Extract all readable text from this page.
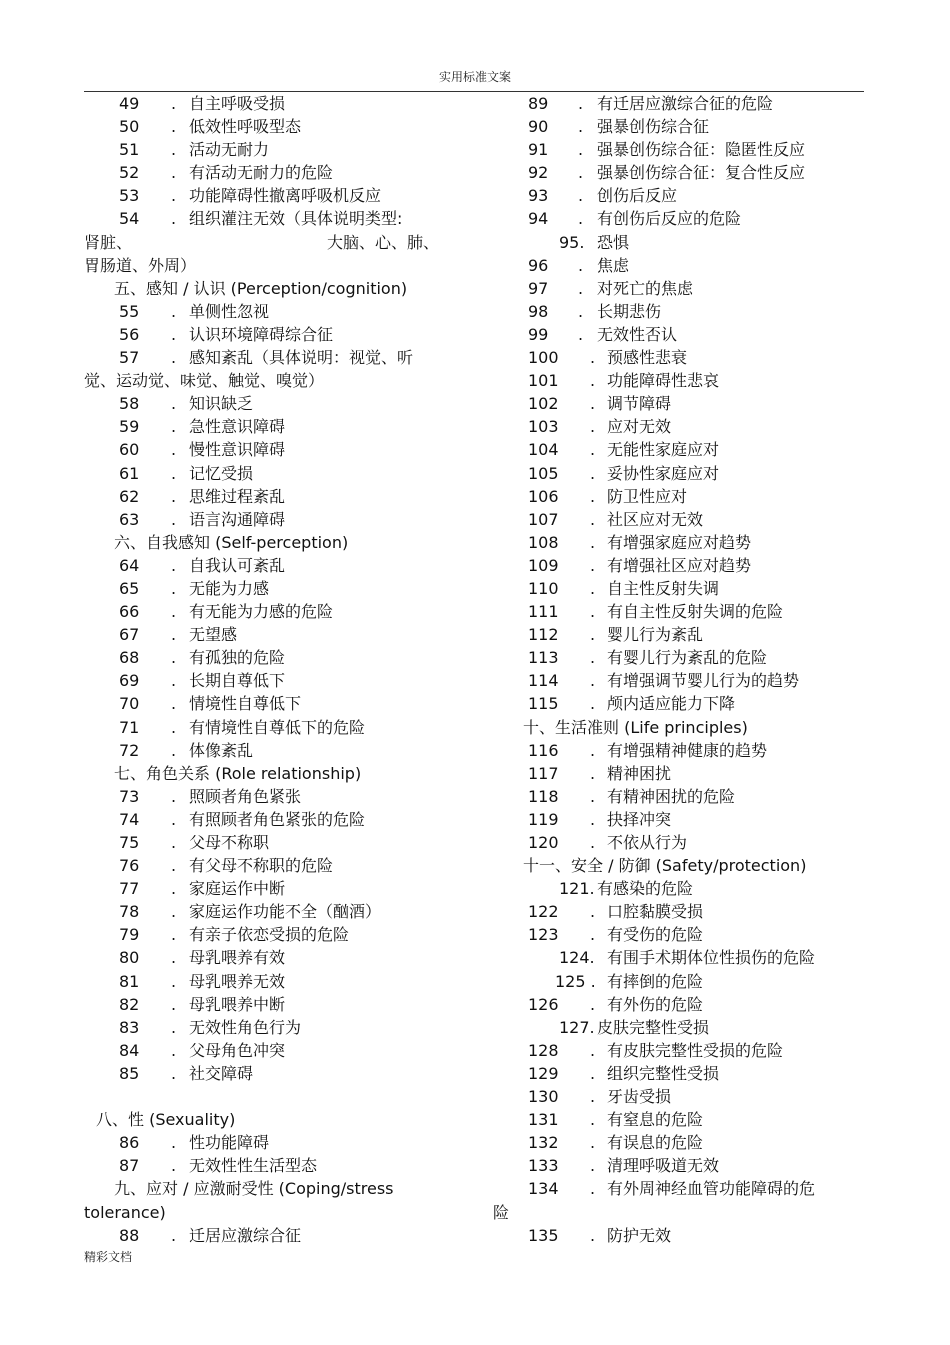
实用标准文案
49 . 自主呼吸受损
50 . 低效性呼吸型态
51 . 活动无耐力
52 . 有活动无耐力的危险
53 . 功能障碍性撤离呼吸机反应
54 . 组织灌注无效（具体说明类型:
肾脏、	大脑、心、肺、
胃肠道、外周）
五、感知 / 认识 (Perception/cognition)
55 . 单侧性忽视
56 . 认识环境障碍综合征
57 . 感知紊乱（具体说明：视觉、听
觉、运动觉、味觉、触觉、嗅觉）
58 . 知识缺乏
59 . 急性意识障碍
60 . 慢性意识障碍
61 . 记忆受损
62 . 思维过程紊乱
63 . 语言沟通障碍
六、自我感知 (Self-perception)
64 . 自我认可紊乱
65 . 无能为力感
66 . 有无能为力感的危险
67 . 无望感
68 . 有孤独的危险
69 . 长期自尊低下
70 . 情境性自尊低下
71 . 有情境性自尊低下的危险
72 . 体像紊乱
七、角色关系 (Role relationship)
73 . 照顾者角色紧张
74 . 有照顾者角色紧张的危险
75 . 父母不称职
76 . 有父母不称职的危险
77 . 家庭运作中断
78 . 家庭运作功能不全（酗酒）
79 . 有亲子依恋受损的危险
80 . 母乳喂养有效
81 . 母乳喂养无效
82 . 母乳喂养中断
83 . 无效性角色行为
84 . 父母角色冲突
85 . 社交障碍
八、性 (Sexuality)
86 . 性功能障碍
87 . 无效性性生活型态
九、应对 / 应激耐受性 (Coping/stress
tolerance)
88 . 迁居应激综合征
89 . 有迁居应激综合征的危险
90 . 强暴创伤综合征
91 . 强暴创伤综合征：隐匿性反应
92 . 强暴创伤综合征：复合性反应
93 . 创伤后反应
94 . 有创伤后反应的危险
95. 恐惧
96 . 焦虑
97 . 对死亡的焦虑
98 . 长期悲伤
99 . 无效性否认
100 . 预感性悲衰
101 . 功能障碍性悲哀
102 . 调节障碍
103 . 应对无效
104 . 无能性家庭应对
105 . 妥协性家庭应对
106 . 防卫性应对
107 . 社区应对无效
108 . 有增强家庭应对趋势
109 . 有增强社区应对趋势
110 . 自主性反射失调
111 . 有自主性反射失调的危险
112 . 婴儿行为紊乱
113 . 有婴儿行为紊乱的危险
114 . 有增强调节婴儿行为的趋势
115 . 颅内适应能力下降
十、生活准则 (Life principles)
116 . 有增强精神健康的趋势
117 . 精神困扰
118 . 有精神困扰的危险
119 . 抉择冲突
120 . 不依从行为
十一、安全 / 防御 (Safety/protection)
121. 有感染的危险
122 . 口腔黏膜受损
123 . 有受伤的危险
124. 有围手术期体位性损伤的危险
125 . 有摔倒的危险
126 . 有外伤的危险
127. 皮肤完整性受损
128 . 有皮肤完整性受损的危险
129 . 组织完整性受损
130 . 牙齿受损
131 . 有窒息的危险
132 . 有误息的危险
133 . 清理呼吸道无效
134 . 有外周神经血管功能障碍的危
险
135 . 防护无效
精彩文档
